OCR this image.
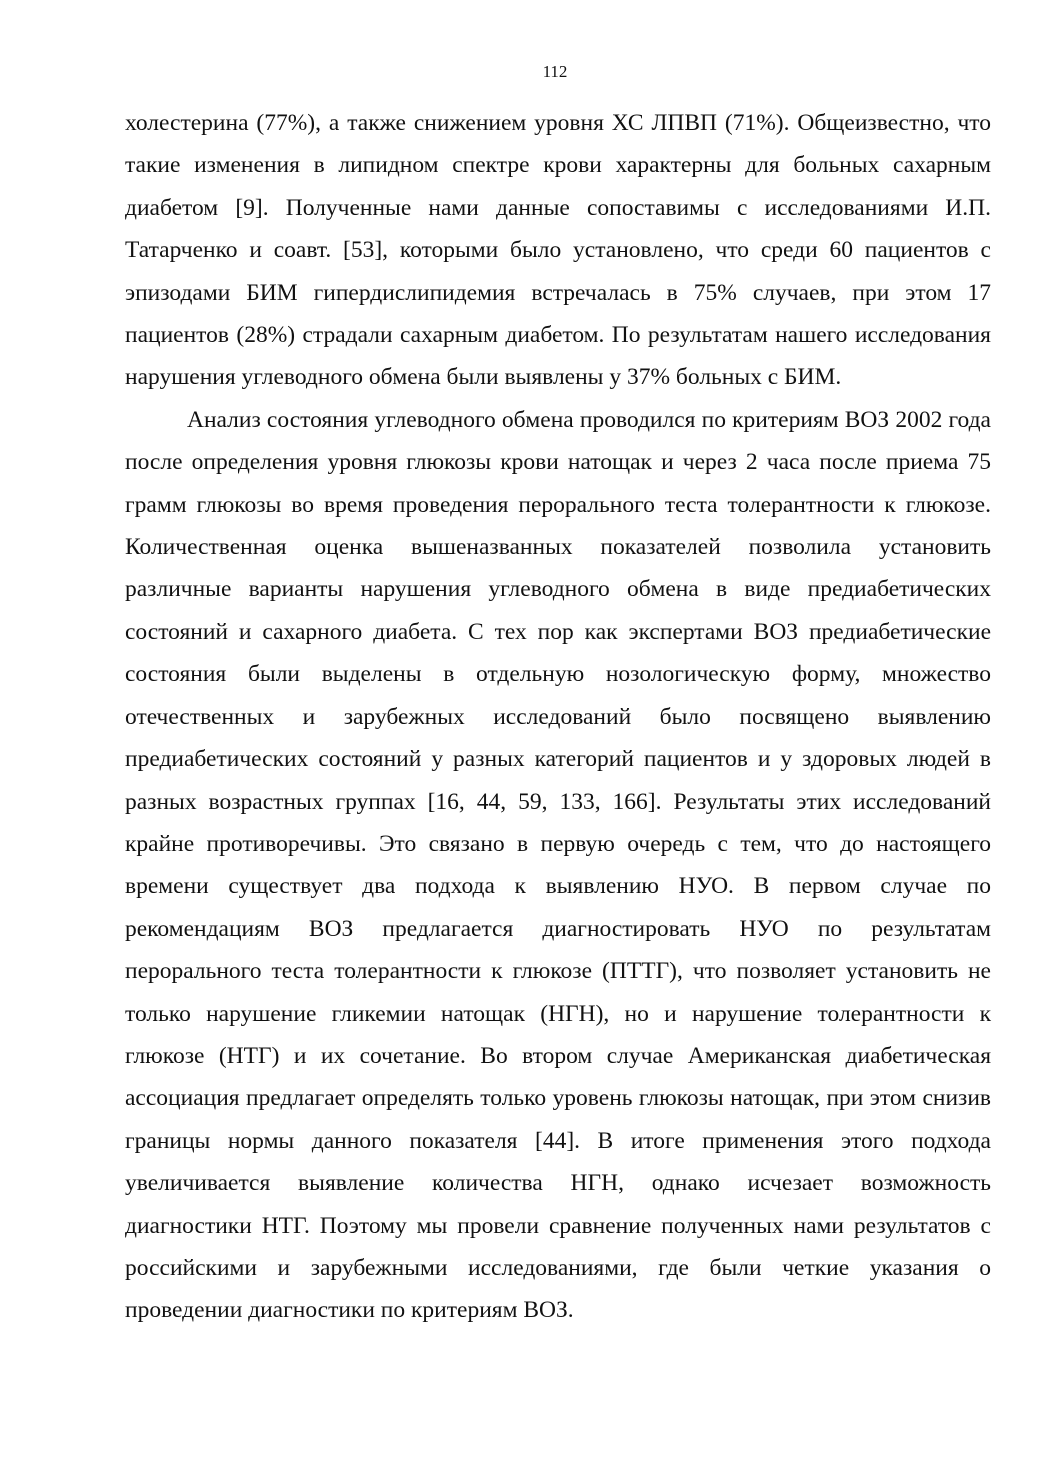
112

холестерина (77%), а также снижением уровня ХС ЛПВП (71%). Общеизвестно, что такие изменения в липидном спектре крови характерны для больных сахарным диабетом [9]. Полученные нами данные сопоставимы с исследованиями И.П. Татарченко и соавт. [53], которыми было установлено, что среди 60 пациентов с эпизодами БИМ гипердислипидемия встречалась в 75% случаев, при этом 17 пациентов (28%) страдали сахарным диабетом. По результатам нашего исследования нарушения углеводного обмена были выявлены у 37% больных с БИМ.

Анализ состояния углеводного обмена проводился по критериям ВОЗ 2002 года после определения уровня глюкозы крови натощак и через 2 часа после приема 75 грамм глюкозы во время проведения перорального теста толерантности к глюкозе. Количественная оценка вышеназванных показателей позволила установить различные варианты нарушения углеводного обмена в виде предиабетических состояний и сахарного диабета. С тех пор как экспертами ВОЗ предиабетические состояния были выделены в отдельную нозологическую форму, множество отечественных и зарубежных исследований было посвящено выявлению предиабетических состояний у разных категорий пациентов и у здоровых людей в разных возрастных группах [16, 44, 59, 133, 166]. Результаты этих исследований крайне противоречивы. Это связано в первую очередь с тем, что до настоящего времени существует два подхода к выявлению НУО. В первом случае по рекомендациям ВОЗ предлагается диагностировать НУО по результатам перорального теста толерантности к глюкозе (ПТТГ), что позволяет установить не только нарушение гликемии натощак (НГН), но и нарушение толерантности к глюкозе (НТГ) и их сочетание. Во втором случае Американская диабетическая ассоциация предлагает определять только уровень глюкозы натощак, при этом снизив границы нормы данного показателя [44]. В итоге применения этого подхода увеличивается выявление количества НГН, однако исчезает возможность диагностики НТГ. Поэтому мы провели сравнение полученных нами результатов с российскими и зарубежными исследованиями, где были четкие указания о проведении диагностики по критериям ВОЗ.
